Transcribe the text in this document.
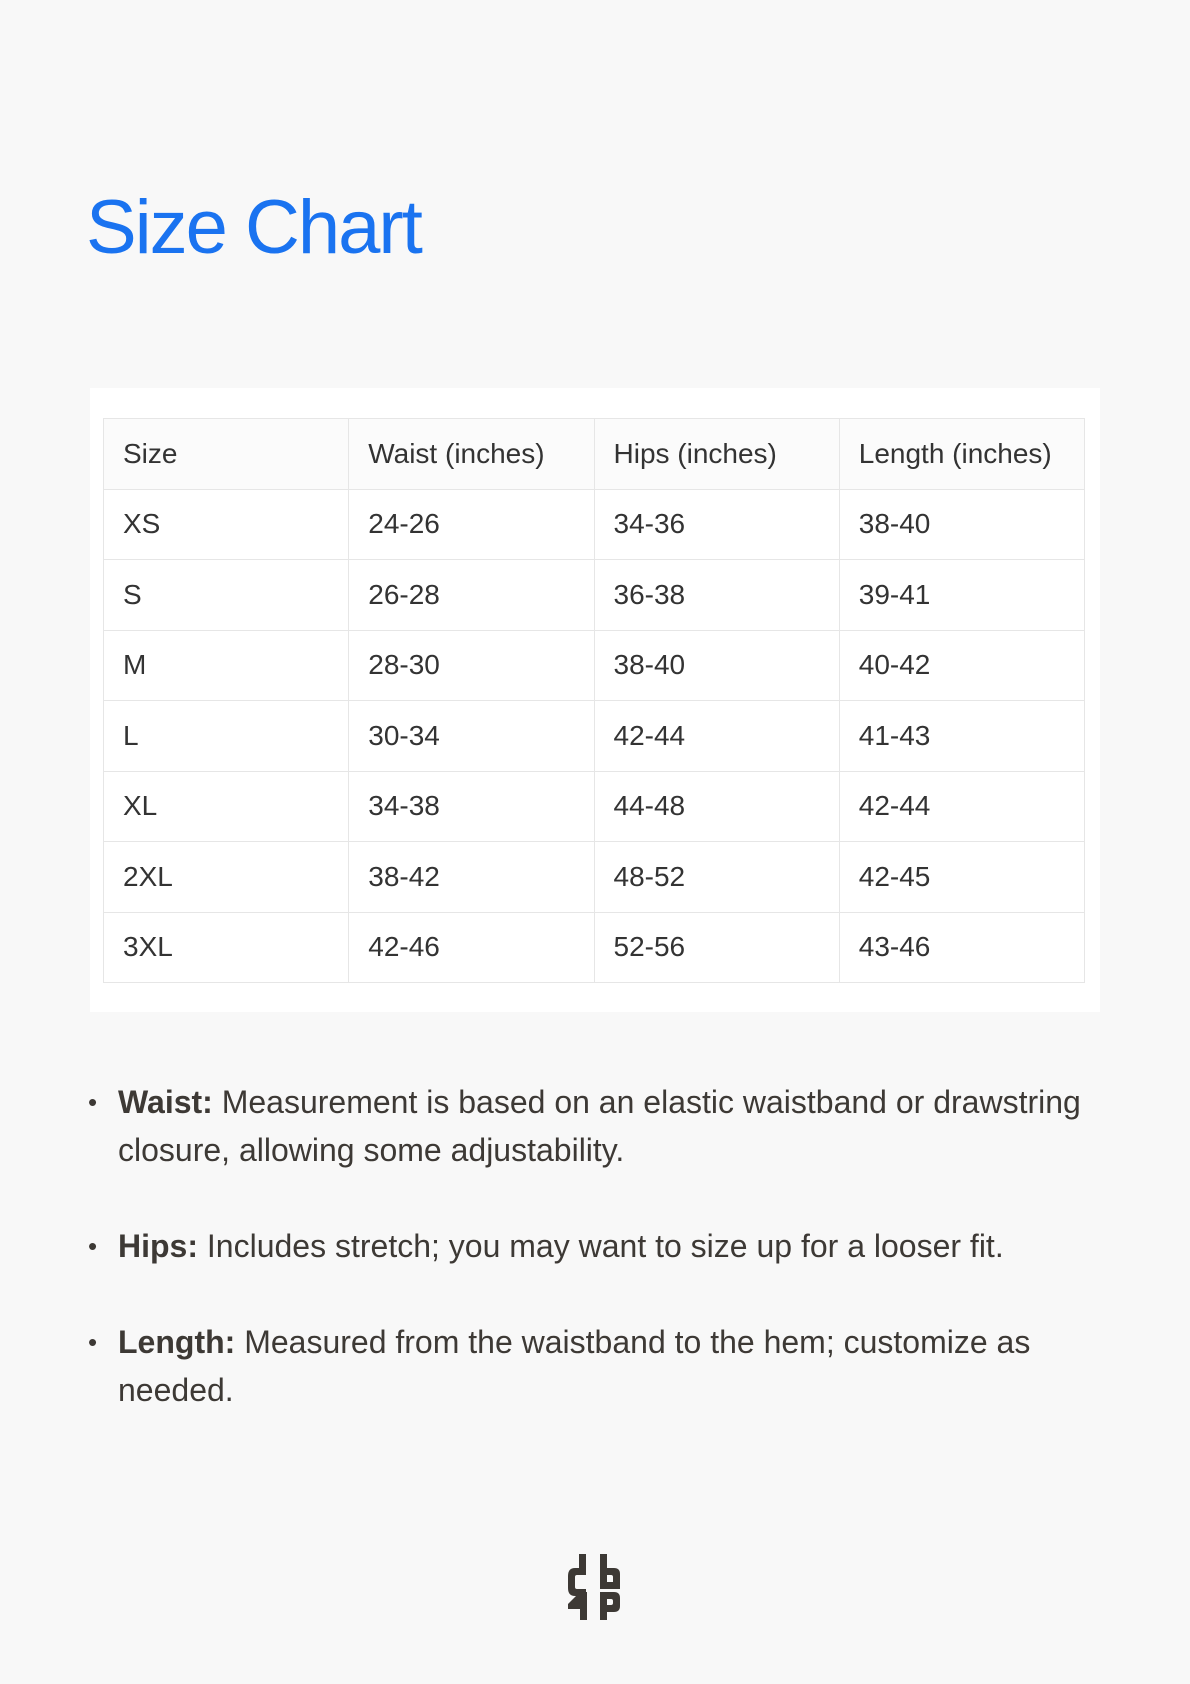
Size Chart
Size	Waist (inches)	Hips (inches)	Length (inches)
XS	24-26	34-36	38-40
S	26-28	36-38	39-41
M	28-30	38-40	40-42
L	30-34	42-44	41-43
XL	34-38	44-48	42-44
2XL	38-42	48-52	42-45
3XL	42-46	52-56	43-46
• Waist: Measurement is based on an elastic waistband or drawstring closure, allowing some adjustability.
• Hips: Includes stretch; you may want to size up for a looser fit.
• Length: Measured from the waistband to the hem; customize as needed.
